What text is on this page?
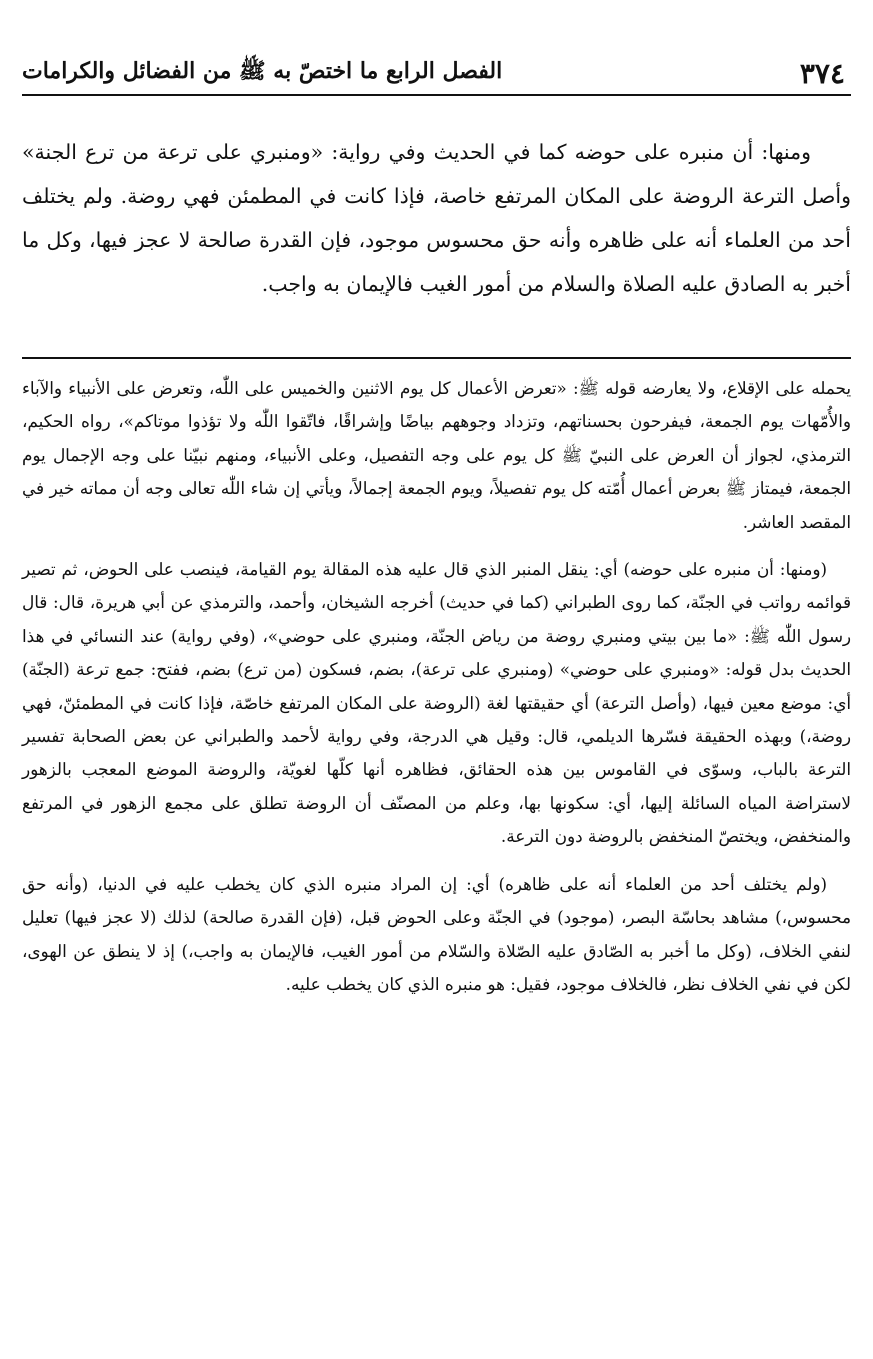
٣٧٤
الفصل الرابع ما اختصّ به ﷺ من الفضائل والكرامات

ومنها: أن منبره على حوضه كما في الحديث وفي رواية: «ومنبري على ترعة من ترع الجنة» وأصل الترعة الروضة على المكان المرتفع خاصة، فإذا كانت في المطمئن فهي روضة. ولم يختلف أحد من العلماء أنه على ظاهره وأنه حق محسوس موجود، فإن القدرة صالحة لا عجز فيها، وكل ما أخبر به الصادق عليه الصلاة والسلام من أمور الغيب فالإيمان به واجب.

يحمله على الإقلاع، ولا يعارضه قوله ﷺ: «تعرض الأعمال كل يوم الاثنين والخميس على اللّٰه، وتعرض على الأنبياء والآباء والأُمّهات يوم الجمعة، فيفرحون بحسناتهم، وتزداد وجوههم بياضًا وإشراقًا، فاتّقوا اللّٰه ولا تؤذوا موتاكم»، رواه الحكيم، الترمذي، لجواز أن العرض على النبيّ ﷺ كل يوم على وجه التفصيل، وعلى الأنبياء، ومنهم نبيّنا على وجه الإجمال يوم الجمعة، فيمتاز ﷺ بعرض أعمال أُمّته كل يوم تفصيلاً، ويوم الجمعة إجمالاً، ويأتي إن شاء اللّٰه تعالى وجه أن مماته خير في المقصد العاشر.

(ومنها: أن منبره على حوضه) أي: ينقل المنبر الذي قال عليه هذه المقالة يوم القيامة، فينصب على الحوض، ثم تصير قوائمه رواتب في الجنّة، كما روى الطبراني (كما في حديث) أخرجه الشيخان، وأحمد، والترمذي عن أبي هريرة، قال: قال رسول اللّٰه ﷺ: «ما بين بيتي ومنبري روضة من رياض الجنّة، ومنبري على حوضي»، (وفي رواية) عند النسائي في هذا الحديث بدل قوله: «ومنبري على حوضي» (ومنبري على ترعة)، بضم، فسكون (من ترع) بضم، ففتح: جمع ترعة (الجنّة) أي: موضع معين فيها، (وأصل الترعة) أي حقيقتها لغة (الروضة على المكان المرتفع خاصّة، فإذا كانت في المطمئنّ، فهي روضة،) وبهذه الحقيقة فسّرها الديلمي، قال: وقيل هي الدرجة، وفي رواية لأحمد والطبراني عن بعض الصحابة تفسير الترعة بالباب، وسوّى في القاموس بين هذه الحقائق، فظاهره أنها كلّها لغويّة، والروضة الموضع المعجب بالزهور لاستراضة المياه السائلة إليها، أي: سكونها بها، وعلم من المصنّف أن الروضة تطلق على مجمع الزهور في المرتفع والمنخفض، ويختصّ المنخفض بالروضة دون الترعة.

(ولم يختلف أحد من العلماء أنه على ظاهره) أي: إن المراد منبره الذي كان يخطب عليه في الدنيا، (وأنه حق محسوس،) مشاهد بحاسّة البصر، (موجود) في الجنّة وعلى الحوض قبل، (فإن القدرة صالحة) لذلك (لا عجز فيها) تعليل لنفي الخلاف، (وكل ما أخبر به الصّادق عليه الصّلاة والسّلام من أمور الغيب، فالإيمان به واجب،) إذ لا ينطق عن الهوى، لكن في نفي الخلاف نظر، فالخلاف موجود، فقيل: هو منبره الذي كان يخطب عليه.
